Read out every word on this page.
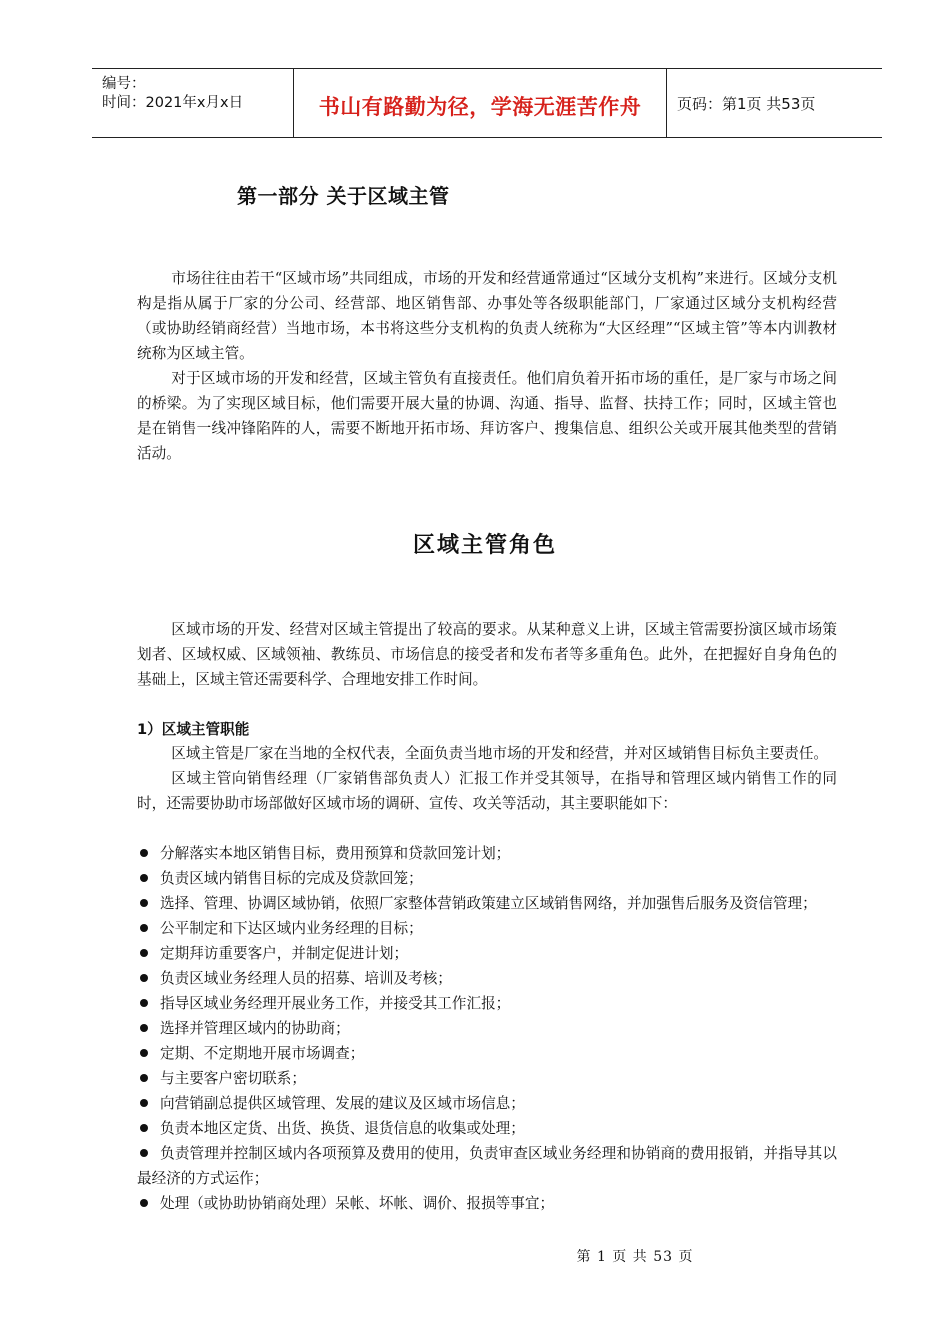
编号：
时间：2021年x月x日	书山有路勤为径，学海无涯苦作舟	页码：第1页 共53页
第一部分 关于区域主管

市场往往由若干“区域市场”共同组成，市场的开发和经营通常通过“区域分支机构”来进行。区域分支机构是指从属于厂家的分公司、经营部、地区销售部、办事处等各级职能部门，厂家通过区域分支机构经营（或协助经销商经营）当地市场，本书将这些分支机构的负责人统称为“大区经理”“区域主管”等本内训教材统称为区域主管。

对于区域市场的开发和经营，区域主管负有直接责任。他们肩负着开拓市场的重任，是厂家与市场之间的桥梁。为了实现区域目标，他们需要开展大量的协调、沟通、指导、监督、扶持工作；同时，区域主管也是在销售一线冲锋陷阵的人，需要不断地开拓市场、拜访客户、搜集信息、组织公关或开展其他类型的营销活动。

区域主管角色

区域市场的开发、经营对区域主管提出了较高的要求。从某种意义上讲，区域主管需要扮演区域市场策划者、区域权威、区域领袖、教练员、市场信息的接受者和发布者等多重角色。此外，在把握好自身角色的基础上，区域主管还需要科学、合理地安排工作时间。

1）区域主管职能

区域主管是厂家在当地的全权代表，全面负责当地市场的开发和经营，并对区域销售目标负主要责任。

区域主管向销售经理（厂家销售部负责人）汇报工作并受其领导，在指导和管理区域内销售工作的同时，还需要协助市场部做好区域市场的调研、宣传、攻关等活动，其主要职能如下：

分解落实本地区销售目标，费用预算和贷款回笼计划；
负责区域内销售目标的完成及贷款回笼；
选择、管理、协调区域协销，依照厂家整体营销政策建立区域销售网络，并加强售后服务及资信管理；
公平制定和下达区域内业务经理的目标；
定期拜访重要客户，并制定促进计划；
负责区域业务经理人员的招募、培训及考核；
指导区域业务经理开展业务工作，并接受其工作汇报；
选择并管理区域内的协助商；
定期、不定期地开展市场调查；
与主要客户密切联系；
向营销副总提供区域管理、发展的建议及区域市场信息；
负责本地区定货、出货、换货、退货信息的收集或处理；
负责管理并控制区域内各项预算及费用的使用，负责审查区域业务经理和协销商的费用报销，并指导其以最经济的方式运作；
处理（或协助协销商处理）呆帐、坏帐、调价、报损等事宜；
第 1 页 共 53 页
